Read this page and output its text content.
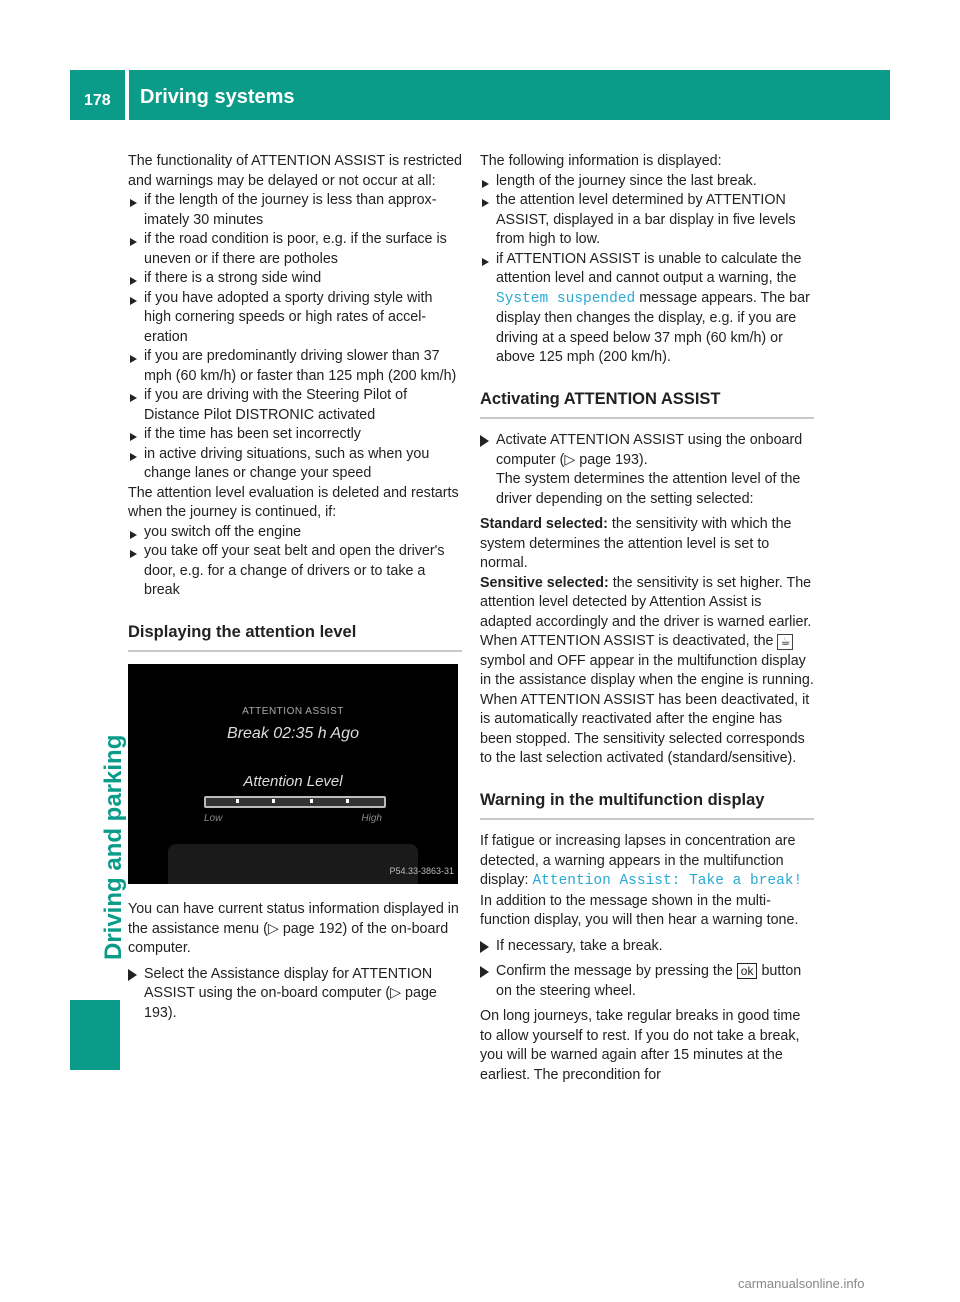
178 Driving systems
Driving and parking

The functionality of ATTENTION ASSIST is restricted and warnings may be delayed or not occur at all:

if the length of the journey is less than approximately 30 minutes
if the road condition is poor, e.g. if the surface is uneven or if there are potholes
if there is a strong side wind
if you have adopted a sporty driving style with high cornering speeds or high rates of acceleration
if you are predominantly driving slower than 37 mph (60 km/h) or faster than 125 mph (200 km/h)
if you are driving with the Steering Pilot of Distance Pilot DISTRONIC activated
if the time has been set incorrectly
in active driving situations, such as when you change lanes or change your speed

The attention level evaluation is deleted and restarts when the journey is continued, if:

you switch off the engine
you take off your seat belt and open the driver's door, e.g. for a change of drivers or to take a break
Displaying the attention level
ATTENTION ASSIST
Break 02:35 h Ago
Attention Level
Low	High
P54.33-3863-31

You can have current status information displayed in the assistance menu (▷ page 192) of the on-board computer.

Select the Assistance display for ATTENTION ASSIST using the on-board computer (▷ page 193).

The following information is displayed:

length of the journey since the last break.
the attention level determined by ATTENTION ASSIST, displayed in a bar display in five levels from high to low.
if ATTENTION ASSIST is unable to calculate the attention level and cannot output a warning, the System suspended message appears. The bar display then changes the display, e.g. if you are driving at a speed below 37 mph (60 km/h) or above 125 mph (200 km/h).
Activating ATTENTION ASSIST
Activate ATTENTION ASSIST using the onboard computer (▷ page 193).
The system determines the attention level of the driver depending on the setting selected:

Standard selected: the sensitivity with which the system determines the attention level is set to normal.

Sensitive selected: the sensitivity is set higher. The attention level detected by Attention Assist is adapted accordingly and the driver is warned earlier.

When ATTENTION ASSIST is deactivated, the ☕ symbol and OFF appear in the multifunction display in the assistance display when the engine is running.

When ATTENTION ASSIST has been deactivated, it is automatically reactivated after the engine has been stopped. The sensitivity selected corresponds to the last selection activated (standard/sensitive).

Warning in the multifunction display

If fatigue or increasing lapses in concentration are detected, a warning appears in the multifunction display: Attention Assist: Take a break!

In addition to the message shown in the multifunction display, you will then hear a warning tone.

If necessary, take a break.
Confirm the message by pressing the ok button on the steering wheel.

On long journeys, take regular breaks in good time to allow yourself to rest. If you do not take a break, you will be warned again after 15 minutes at the earliest. The precondition for

carmanualsonline.info
